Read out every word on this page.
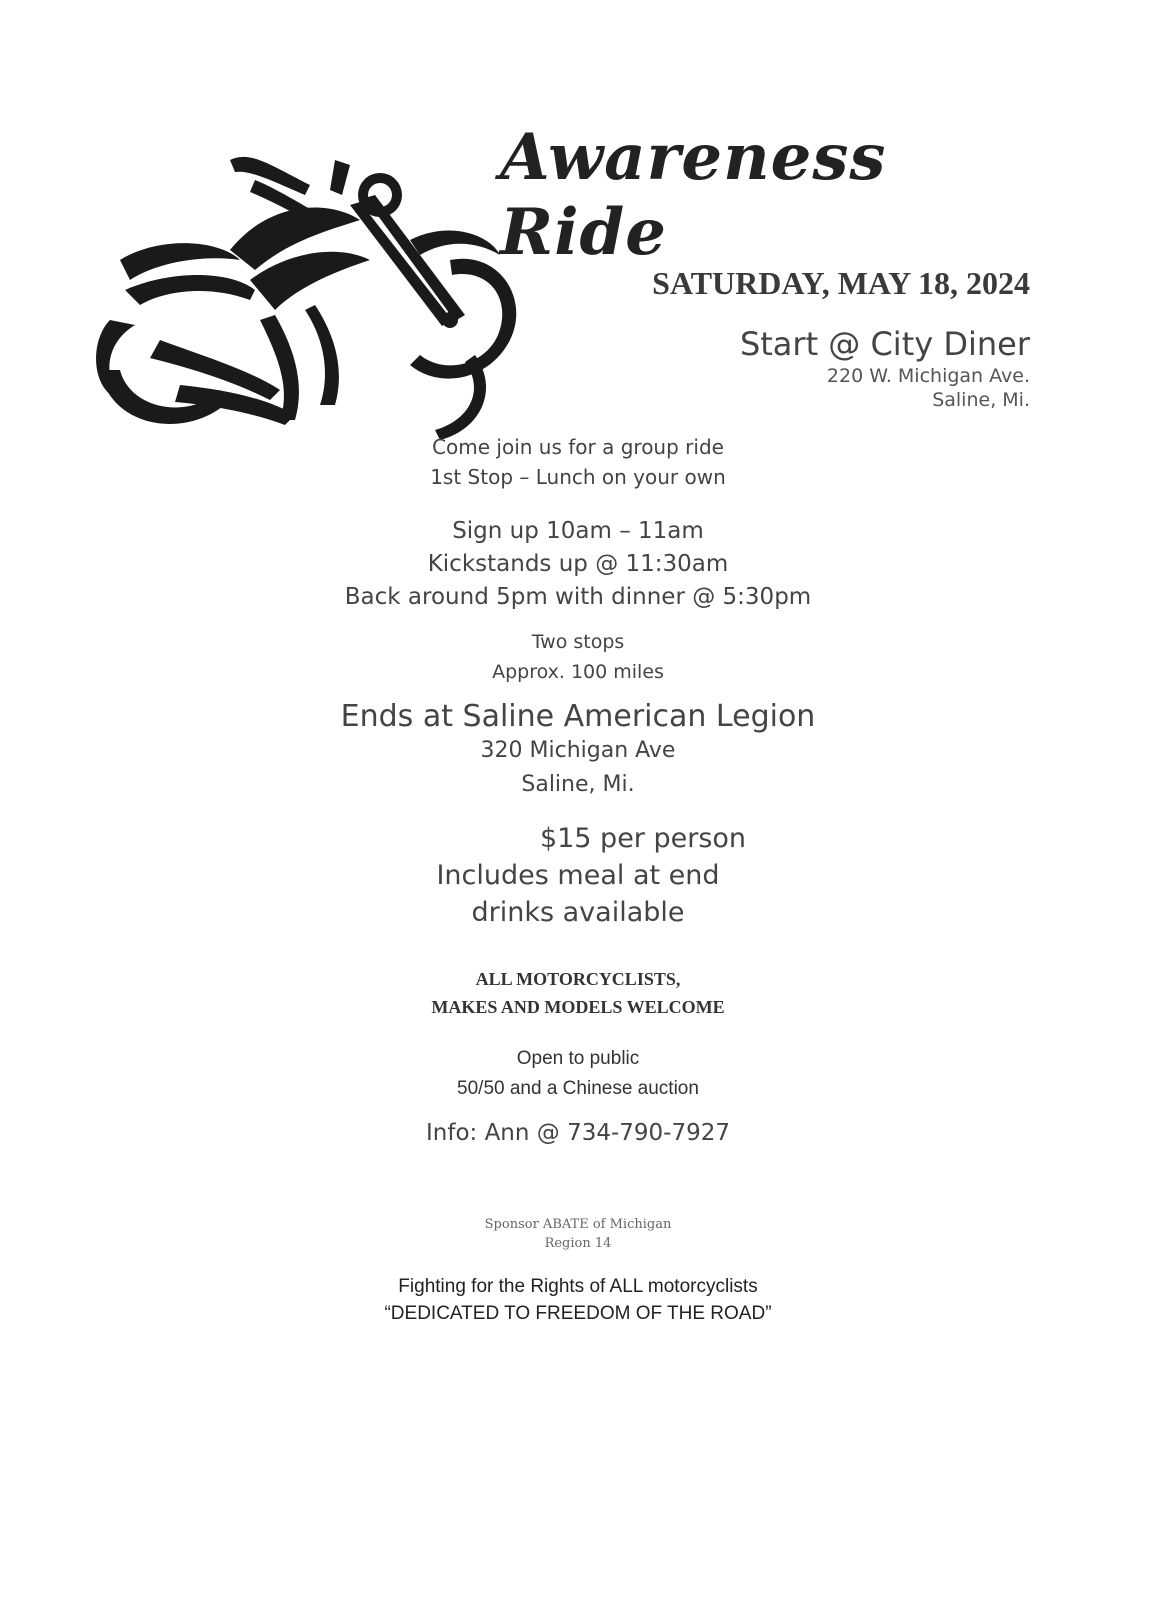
Awareness Ride
SATURDAY, MAY 18, 2024
Start @ City Diner
220 W. Michigan Ave.
Saline, Mi.
Come join us for a group ride
1st Stop – Lunch on your own
Sign up 10am – 11am
Kickstands up @ 11:30am
Back around 5pm with dinner @ 5:30pm
Two stops
Approx. 100 miles
Ends at Saline American Legion
320 Michigan Ave
Saline, Mi.
$15 per person
Includes meal at end
drinks available
ALL MOTORCYCLISTS,
MAKES AND MODELS WELCOME
Open to public
50/50 and a Chinese auction
Info: Ann @ 734-790-7927
Sponsor ABATE of Michigan
Region 14
Fighting for the Rights of ALL motorcyclists
“DEDICATED TO FREEDOM OF THE ROAD”
